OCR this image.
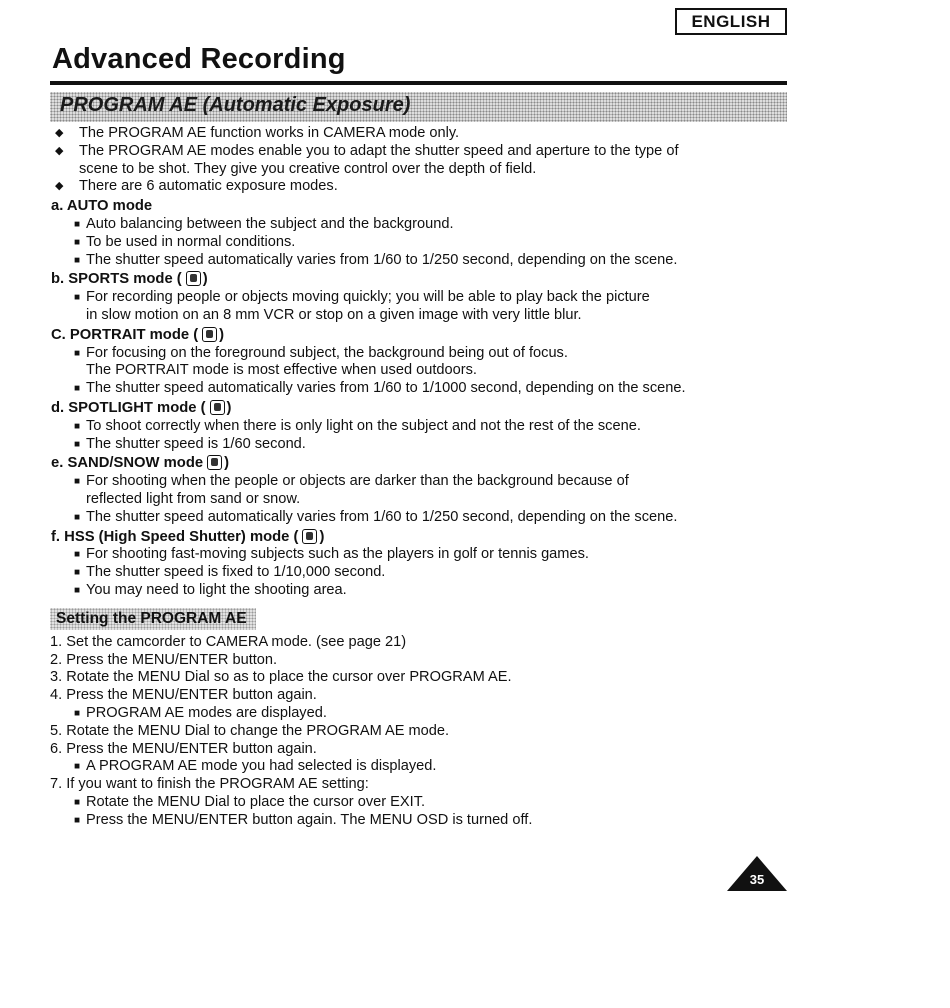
ENGLISH
Advanced Recording
PROGRAM AE (Automatic Exposure)
◆ The PROGRAM AE function works in CAMERA mode only.
◆ The PROGRAM AE modes enable you to adapt the shutter speed and aperture to the type of
scene to be shot. They give you creative control over the depth of field.
◆ There are 6 automatic exposure modes.
a. AUTO mode
■ Auto balancing between the subject and the background.
■ To be used in normal conditions.
■ The shutter speed automatically varies from 1/60 to 1/250 second, depending on the scene.
b. SPORTS mode ( )
■ For recording people or objects moving quickly; you will be able to play back the picture
in slow motion on an 8 mm VCR or stop on a given image with very little blur.
C. PORTRAIT mode ( )
■ For focusing on the foreground subject, the background being out of focus.
The PORTRAIT mode is most effective when used outdoors.
■ The shutter speed automatically varies from 1/60 to 1/1000 second, depending on the scene.
d. SPOTLIGHT mode ( )
■ To shoot correctly when there is only light on the subject and not the rest of the scene.
■ The shutter speed is 1/60 second.
e. SAND/SNOW mode )
■ For shooting when the people or objects are darker than the background because of
reflected light from sand or snow.
■ The shutter speed automatically varies from 1/60 to 1/250 second, depending on the scene.
f. HSS (High Speed Shutter) mode ( )
■ For shooting fast-moving subjects such as the players in golf or tennis games.
■ The shutter speed is fixed to 1/10,000 second.
■ You may need to light the shooting area.
Setting the PROGRAM AE
1. Set the camcorder to CAMERA mode. (see page 21)
2. Press the MENU/ENTER button.
3. Rotate the MENU Dial so as to place the cursor over PROGRAM AE.
4. Press the MENU/ENTER button again.
■ PROGRAM AE modes are displayed.
5. Rotate the MENU Dial to change the PROGRAM AE mode.
6. Press the MENU/ENTER button again.
■ A PROGRAM AE mode you had selected is displayed.
7. If you want to finish the PROGRAM AE setting:
■ Rotate the MENU Dial to place the cursor over EXIT.
■ Press the MENU/ENTER button again. The MENU OSD is turned off.
35
